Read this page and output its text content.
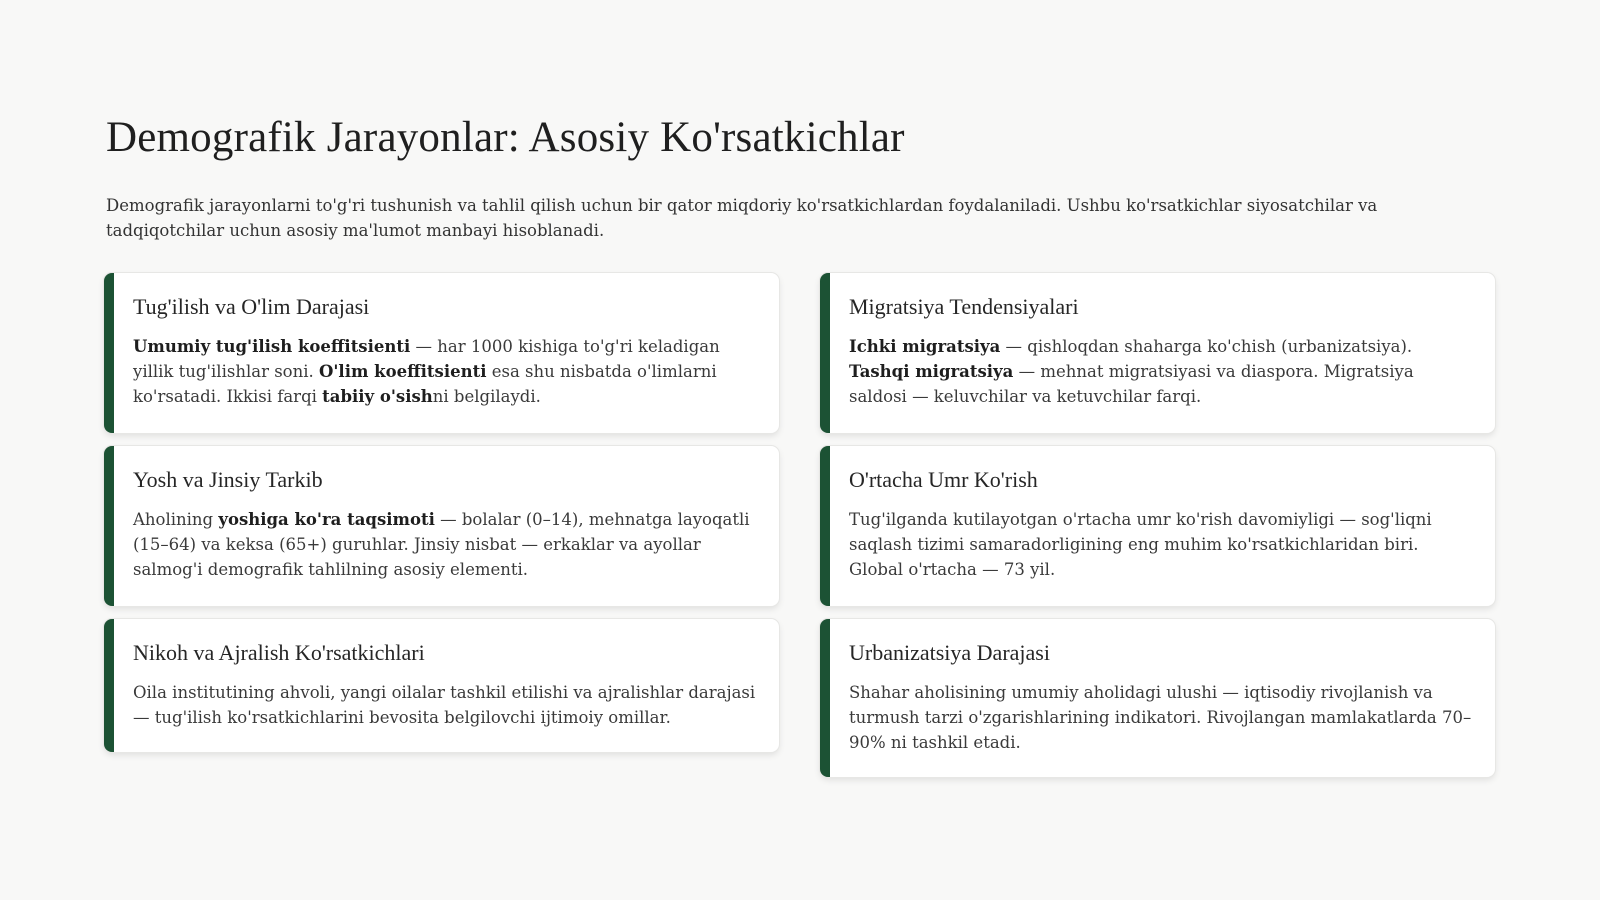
Demografik Jarayonlar: Asosiy Ko'rsatkichlar

Demografik jarayonlarni to'g'ri tushunish va tahlil qilish uchun bir qator miqdoriy ko'rsatkichlardan foydalaniladi. Ushbu ko'rsatkichlar siyosatchilar va tadqiqotchilar uchun asosiy ma'lumot manbayi hisoblanadi.

Tug'ilish va O'lim Darajasi

Umumiy tug'ilish koeffitsienti — har 1000 kishiga to'g'ri keladigan yillik tug'ilishlar soni. O'lim koeffitsienti esa shu nisbatda o'limlarni ko'rsatadi. Ikkisi farqi tabiiy o'sishni belgilaydi.

Migratsiya Tendensiyalari

Ichki migratsiya — qishloqdan shaharga ko'chish (urbanizatsiya). Tashqi migratsiya — mehnat migratsiyasi va diaspora. Migratsiya saldosi — keluvchilar va ketuvchilar farqi.

Yosh va Jinsiy Tarkib

Aholining yoshiga ko'ra taqsimoti — bolalar (0–14), mehnatga layoqatli (15–64) va keksa (65+) guruhlar. Jinsiy nisbat — erkaklar va ayollar salmog'i demografik tahlilning asosiy elementi.

O'rtacha Umr Ko'rish

Tug'ilganda kutilayotgan o'rtacha umr ko'rish davomiyligi — sog'liqni saqlash tizimi samaradorligining eng muhim ko'rsatkichlaridan biri. Global o'rtacha — 73 yil.

Nikoh va Ajralish Ko'rsatkichlari

Oila institutining ahvoli, yangi oilalar tashkil etilishi va ajralishlar darajasi — tug'ilish ko'rsatkichlarini bevosita belgilovchi ijtimoiy omillar.

Urbanizatsiya Darajasi

Shahar aholisining umumiy aholidagi ulushi — iqtisodiy rivojlanish va turmush tarzi o'zgarishlarining indikatori. Rivojlangan mamlakatlarda 70–90% ni tashkil etadi.
